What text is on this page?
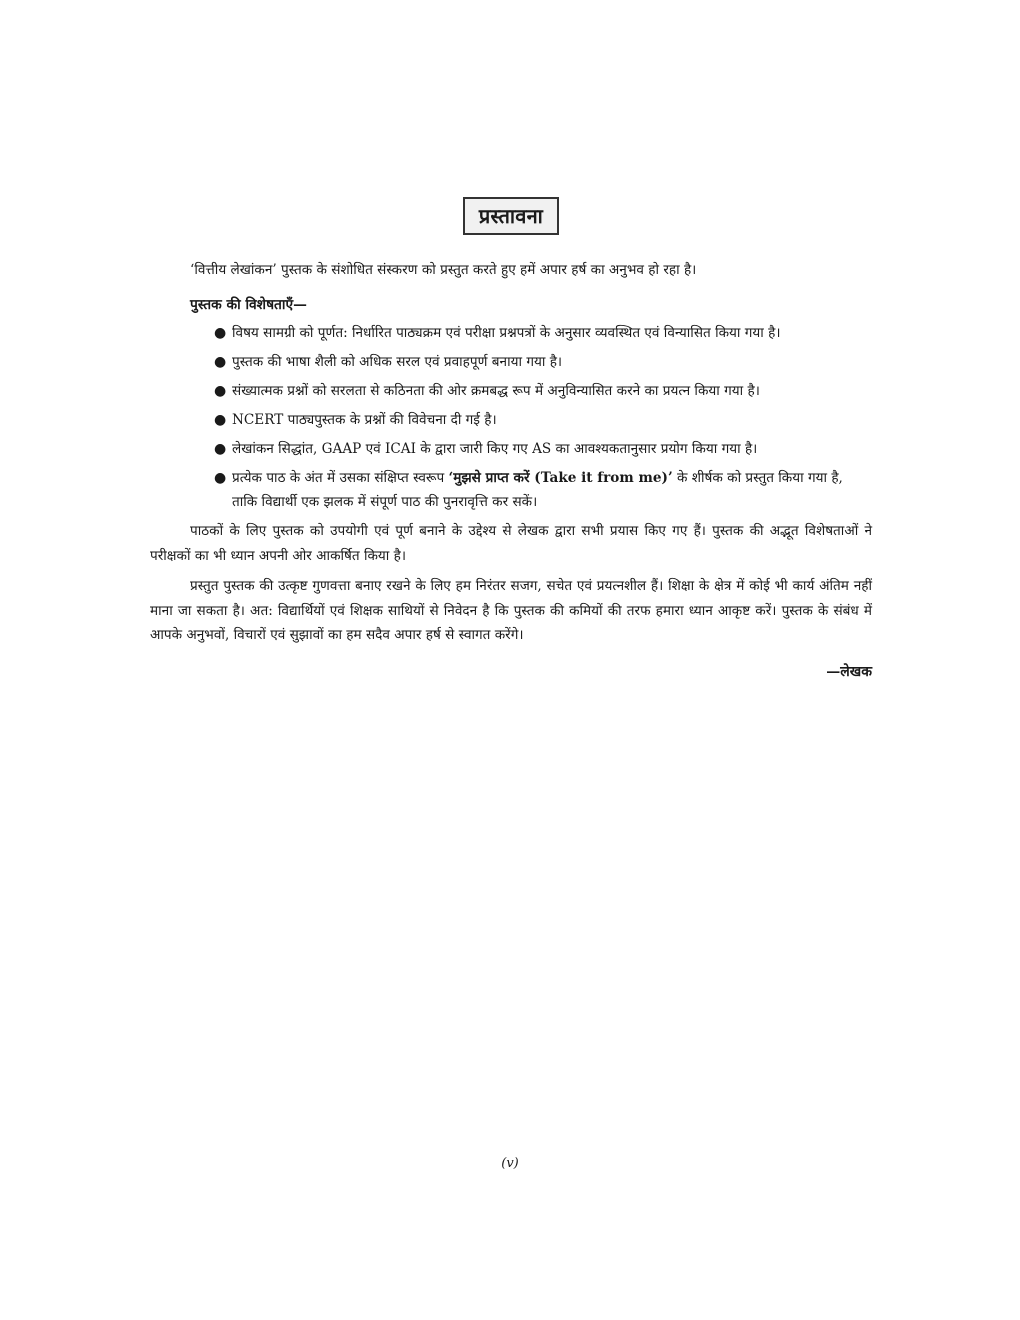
प्रस्तावना

‘वित्तीय लेखांकन’ पुस्तक के संशोधित संस्करण को प्रस्तुत करते हुए हमें अपार हर्ष का अनुभव हो रहा है।

पुस्तक की विशेषताएँ—

● विषय सामग्री को पूर्णत: निर्धारित पाठ्यक्रम एवं परीक्षा प्रश्नपत्रों के अनुसार व्यवस्थित एवं विन्यासित किया गया है।
● पुस्तक की भाषा शैली को अधिक सरल एवं प्रवाहपूर्ण बनाया गया है।
● संख्यात्मक प्रश्नों को सरलता से कठिनता की ओर क्रमबद्ध रूप में अनुविन्यासित करने का प्रयत्न किया गया है।
● NCERT पाठ्यपुस्तक के प्रश्नों की विवेचना दी गई है।
● लेखांकन सिद्धांत, GAAP एवं ICAI के द्वारा जारी किए गए AS का आवश्यकतानुसार प्रयोग किया गया है।
● प्रत्येक पाठ के अंत में उसका संक्षिप्त स्वरूप ‘मुझसे प्राप्त करें (Take it from me)’ के शीर्षक को प्रस्तुत किया गया है, ताकि विद्यार्थी एक झलक में संपूर्ण पाठ की पुनरावृत्ति कर सकें।

पाठकों के लिए पुस्तक को उपयोगी एवं पूर्ण बनाने के उद्देश्य से लेखक द्वारा सभी प्रयास किए गए हैं। पुस्तक की अद्भूत विशेषताओं ने परीक्षकों का भी ध्यान अपनी ओर आकर्षित किया है।

प्रस्तुत पुस्तक की उत्कृष्ट गुणवत्ता बनाए रखने के लिए हम निरंतर सजग, सचेत एवं प्रयत्नशील हैं। शिक्षा के क्षेत्र में कोई भी कार्य अंतिम नहीं माना जा सकता है। अत: विद्यार्थियों एवं शिक्षक साथियों से निवेदन है कि पुस्तक की कमियों की तरफ हमारा ध्यान आकृष्ट करें। पुस्तक के संबंध में आपके अनुभवों, विचारों एवं सुझावों का हम सदैव अपार हर्ष से स्वागत करेंगे।

—लेखक
(v)
